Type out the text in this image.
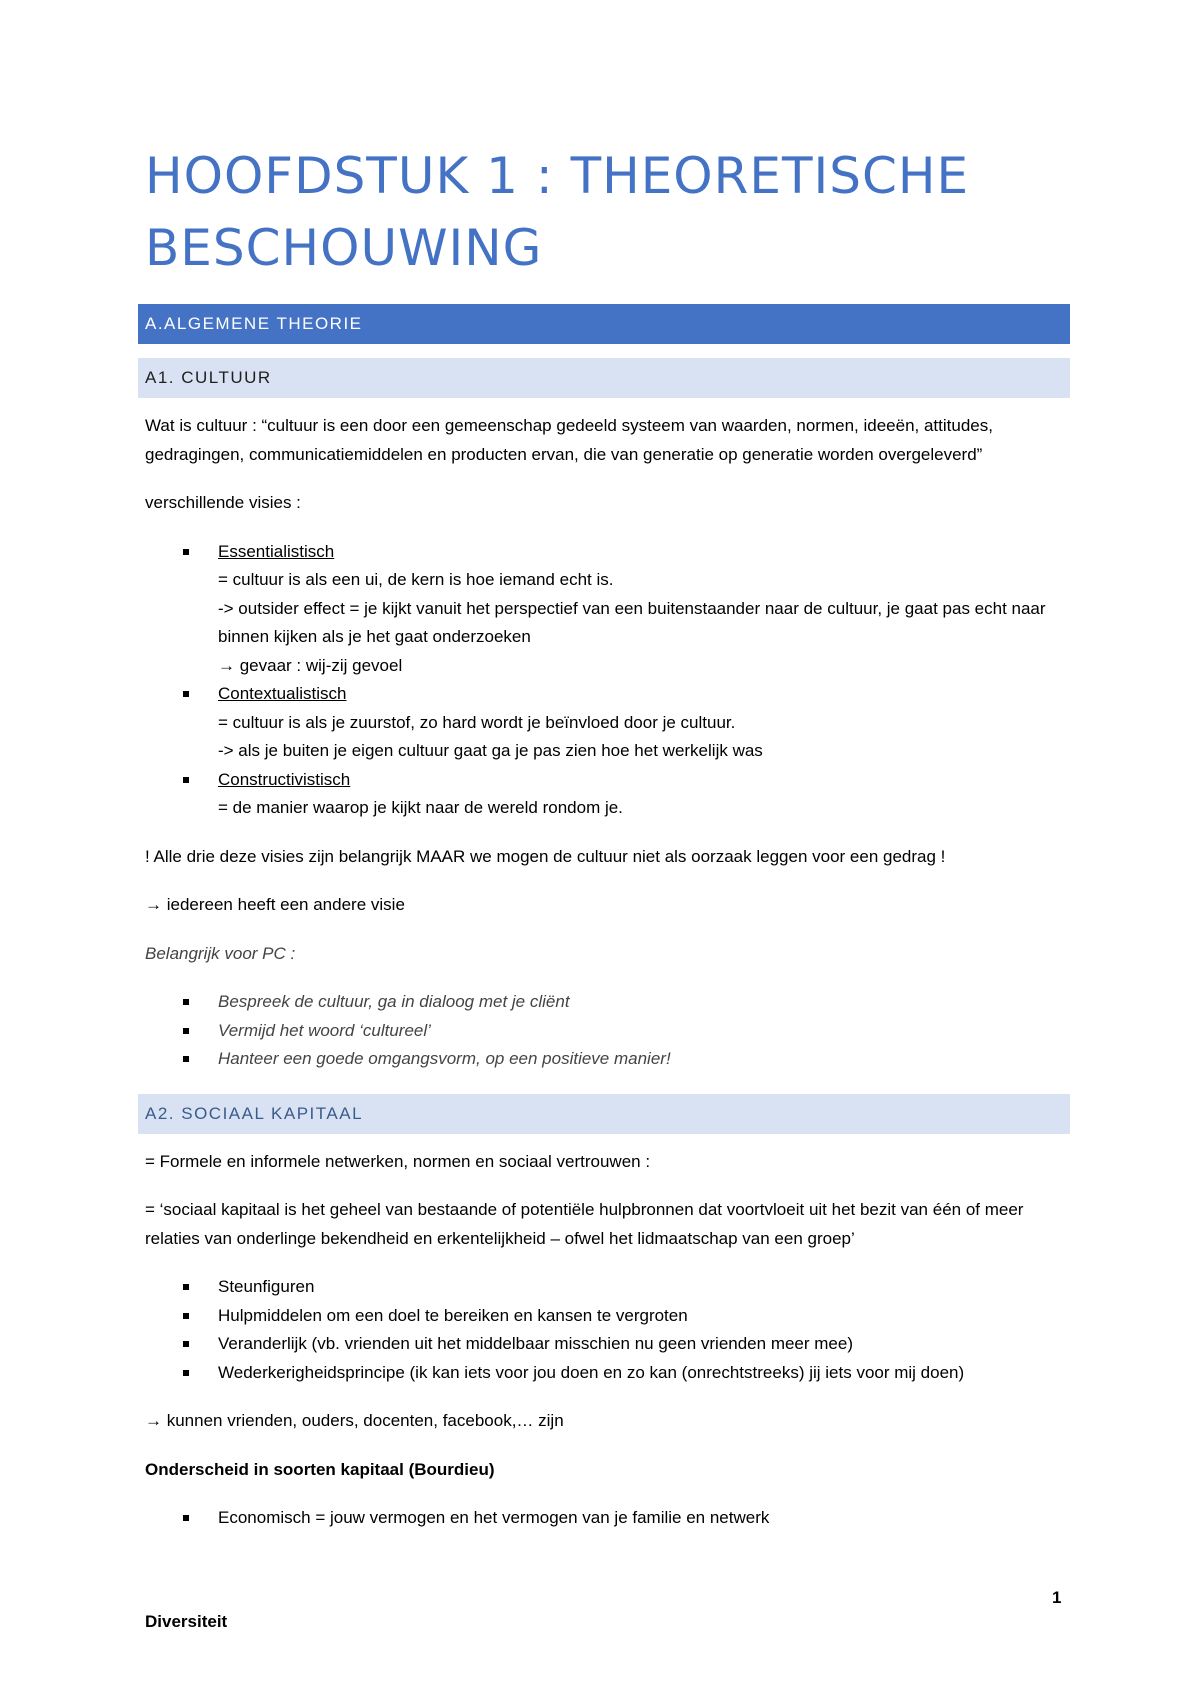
HOOFDSTUK 1 : THEORETISCHE BESCHOUWING
A.ALGEMENE THEORIE
A1. CULTUUR

Wat is cultuur : “cultuur is een door een gemeenschap gedeeld systeem van waarden, normen, ideeën, attitudes, gedragingen, communicatiemiddelen en producten ervan, die van generatie op generatie worden overgeleverd”

verschillende visies :

Essentialistisch
= cultuur is als een ui, de kern is hoe iemand echt is.
-> outsider effect = je kijkt vanuit het perspectief van een buitenstaander naar de cultuur, je gaat pas echt naar binnen kijken als je het gaat onderzoeken
→ gevaar : wij-zij gevoel
Contextualistisch
= cultuur is als je zuurstof, zo hard wordt je beïnvloed door je cultuur.
-> als je buiten je eigen cultuur gaat ga je pas zien hoe het werkelijk was
Constructivistisch
= de manier waarop je kijkt naar de wereld rondom je.

! Alle drie deze visies zijn belangrijk MAAR we mogen de cultuur niet als oorzaak leggen voor een gedrag !

→ iedereen heeft een andere visie

Belangrijk voor PC :

Bespreek de cultuur, ga in dialoog met je cliënt
Vermijd het woord ‘cultureel’
Hanteer een goede omgangsvorm, op een positieve manier!
A2. SOCIAAL KAPITAAL

= Formele en informele netwerken, normen en sociaal vertrouwen :

= ‘sociaal kapitaal is het geheel van bestaande of potentiële hulpbronnen dat voortvloeit uit het bezit van één of meer relaties van onderlinge bekendheid en erkentelijkheid – ofwel het lidmaatschap van een groep’

Steunfiguren
Hulpmiddelen om een doel te bereiken en kansen te vergroten
Veranderlijk (vb. vrienden uit het middelbaar misschien nu geen vrienden meer mee)
Wederkerigheidsprincipe (ik kan iets voor jou doen en zo kan (onrechtstreeks) jij iets voor mij doen)

→ kunnen vrienden, ouders, docenten, facebook,… zijn

Onderscheid in soorten kapitaal (Bourdieu)

Economisch = jouw vermogen en het vermogen van je familie en netwerk
1
Diversiteit
